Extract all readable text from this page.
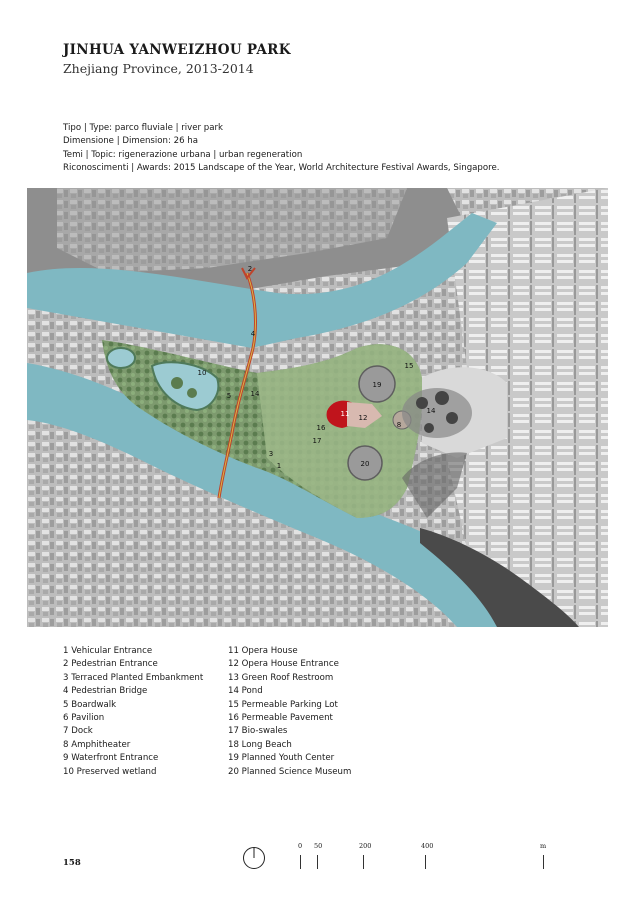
JINHUA YANWEIZHOU PARK
Zhejiang Province, 2013-2014
Tipo | Type: parco fluviale | river park
Dimensione | Dimension: 26 ha
Temi | Topic: rigenerazione urbana | urban regeneration
Riconoscimenti | Awards: 2015 Landscape of the Year, World Architecture Festival Awards, Singapore.
2
4
5
10
14
3
11 12
16
17
19
20
8
14
15
1
1 Vehicular Entrance
2 Pedestrian Entrance
3 Terraced Planted Embankment
4 Pedestrian Bridge
5 Boardwalk
6 Pavilion
7 Dock
8 Amphitheater
9 Waterfront Entrance
10 Preserved wetland
11 Opera House
12 Opera House Entrance
13 Green Roof Restroom
14 Pond
15 Permeable Parking Lot
16 Permeable Pavement
17 Bio-swales
18 Long Beach
19 Planned Youth Center
20 Planned Science Museum
158
0 50	200	400	m
